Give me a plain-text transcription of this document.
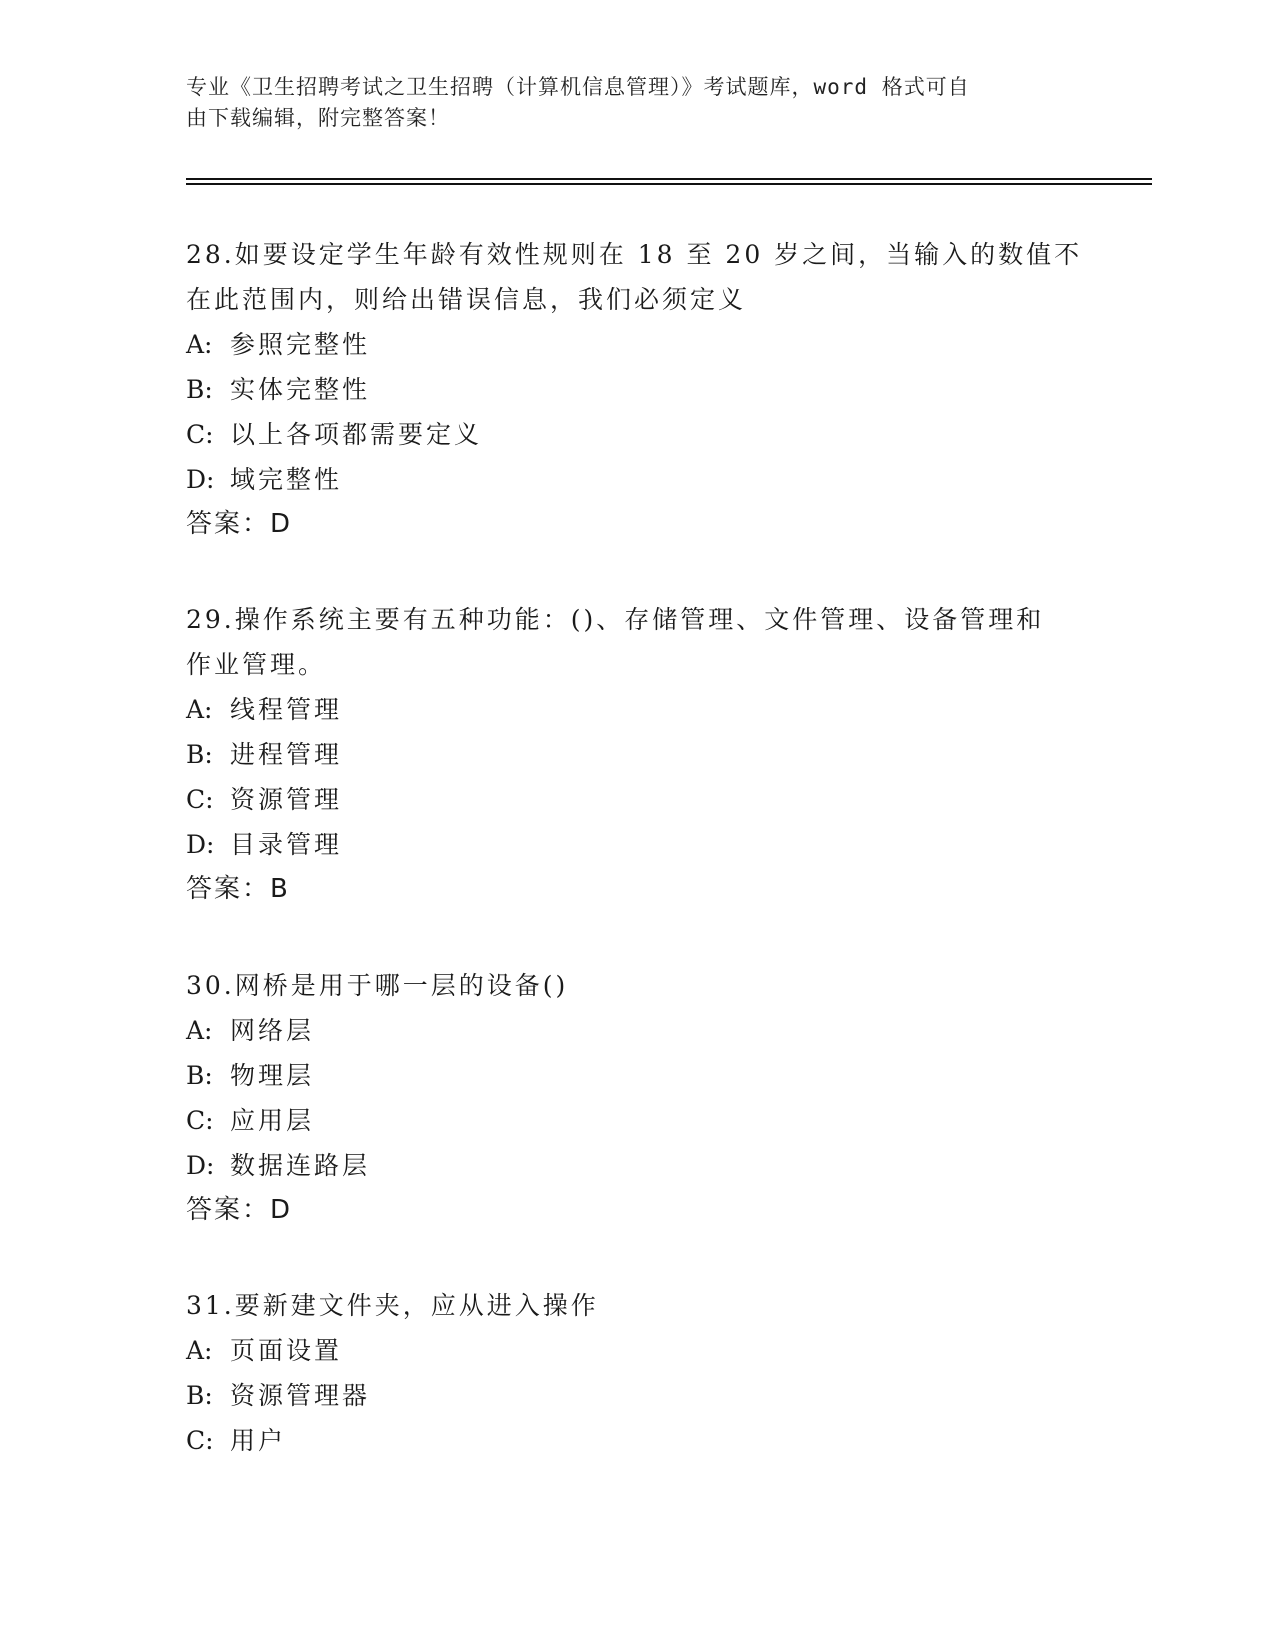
专业《卫生招聘考试之卫生招聘（计算机信息管理）》考试题库，word 格式可自
由下载编辑，附完整答案！

28.如要设定学生年龄有效性规则在 18 至 20 岁之间，当输入的数值不

在此范围内，则给出错误信息，我们必须定义

A: 参照完整性

B: 实体完整性

C: 以上各项都需要定义

D: 域完整性

答案：D

29.操作系统主要有五种功能：()、存储管理、文件管理、设备管理和

作业管理。

A: 线程管理

B: 进程管理

C: 资源管理

D: 目录管理

答案：B

30.网桥是用于哪一层的设备()

A: 网络层

B: 物理层

C: 应用层

D: 数据连路层

答案：D

31.要新建文件夹，应从进入操作

A: 页面设置

B: 资源管理器

C: 用户
